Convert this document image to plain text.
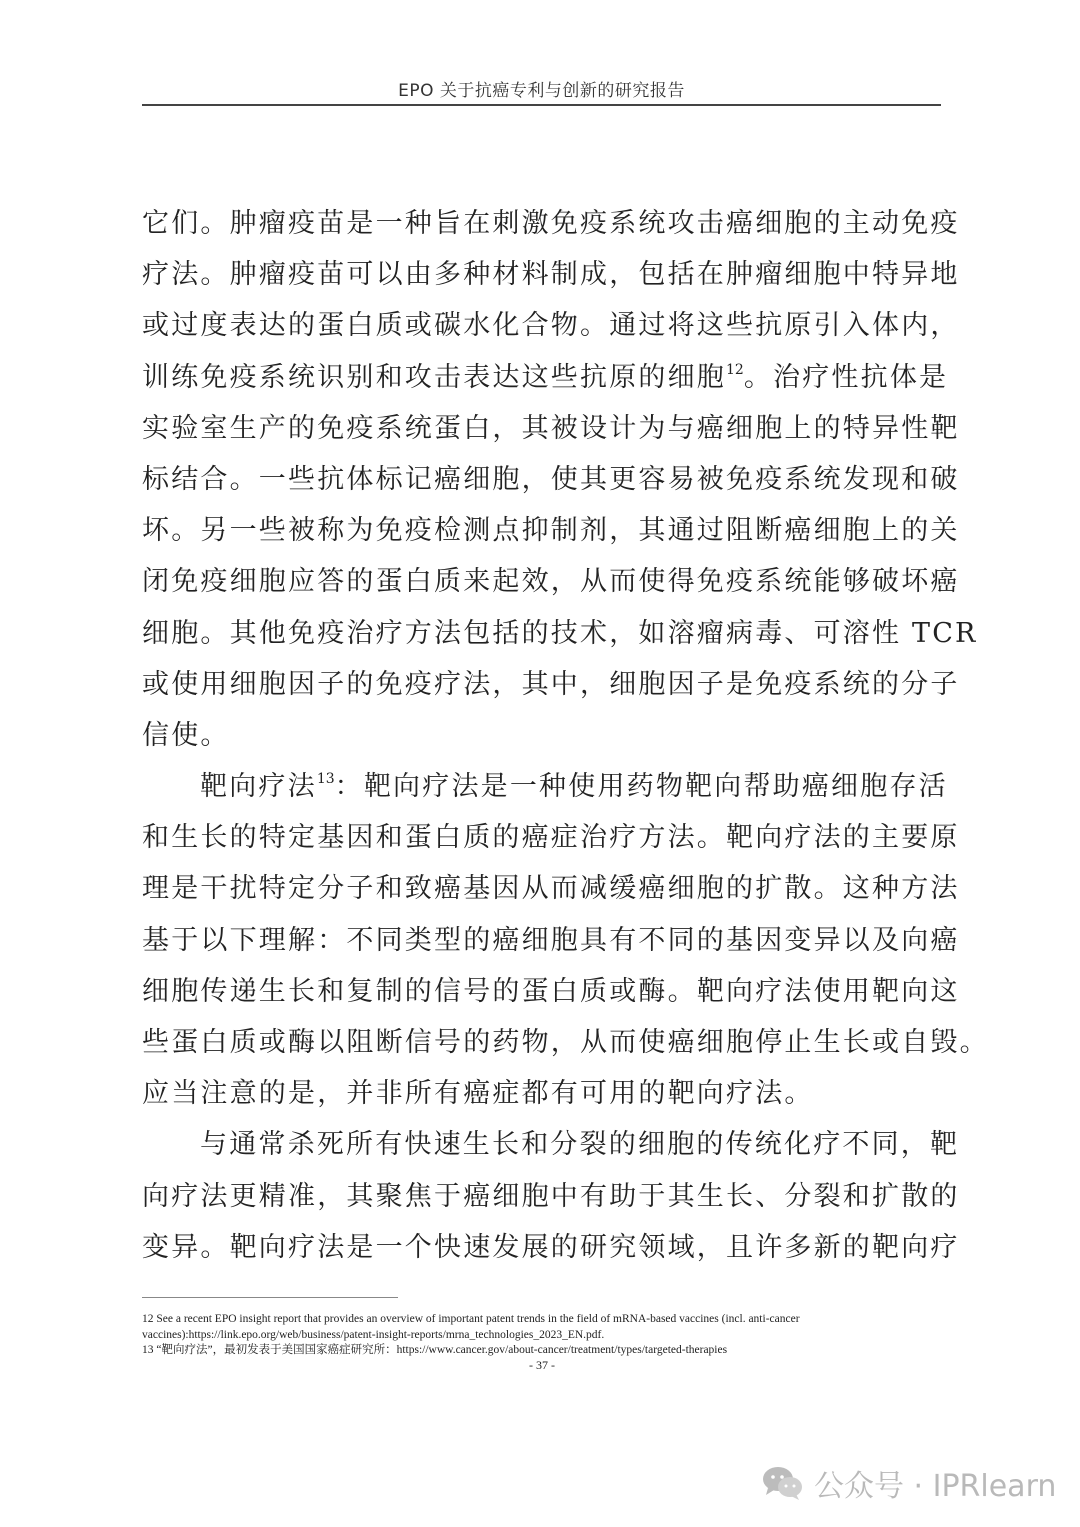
EPO 关于抗癌专利与创新的研究报告
它们。肿瘤疫苗是一种旨在刺激免疫系统攻击癌细胞的主动免疫
疗法。肿瘤疫苗可以由多种材料制成，包括在肿瘤细胞中特异地
或过度表达的蛋白质或碳水化合物。通过将这些抗原引入体内，
训练免疫系统识别和攻击表达这些抗原的细胞$^{12}$。治疗性抗体是
实验室生产的免疫系统蛋白，其被设计为与癌细胞上的特异性靶
标结合。一些抗体标记癌细胞，使其更容易被免疫系统发现和破
坏。另一些被称为免疫检测点抑制剂，其通过阻断癌细胞上的关
闭免疫细胞应答的蛋白质来起效，从而使得免疫系统能够破坏癌
细胞。其他免疫治疗方法包括的技术，如溶瘤病毒、可溶性 TCR
或使用细胞因子的免疫疗法，其中，细胞因子是免疫系统的分子
信使。
靶向疗法$^{13}$：靶向疗法是一种使用药物靶向帮助癌细胞存活
和生长的特定基因和蛋白质的癌症治疗方法。靶向疗法的主要原
理是干扰特定分子和致癌基因从而减缓癌细胞的扩散。这种方法
基于以下理解：不同类型的癌细胞具有不同的基因变异以及向癌
细胞传递生长和复制的信号的蛋白质或酶。靶向疗法使用靶向这
些蛋白质或酶以阻断信号的药物，从而使癌细胞停止生长或自毁。
应当注意的是，并非所有癌症都有可用的靶向疗法。
与通常杀死所有快速生长和分裂的细胞的传统化疗不同，靶
向疗法更精准，其聚焦于癌细胞中有助于其生长、分裂和扩散的
变异。靶向疗法是一个快速发展的研究领域，且许多新的靶向疗
12 See a recent EPO insight report that provides an overview of important patent trends in the field of mRNA-based vaccines (incl. anti-cancer
vaccines):https://link.epo.org/web/business/patent-insight-reports/mrna_technologies_2023_EN.pdf.
13 “靶向疗法”，最初发表于美国国家癌症研究所：https://www.cancer.gov/about-cancer/treatment/types/targeted-therapies
- 37 -
公众号 · IPRlearn
